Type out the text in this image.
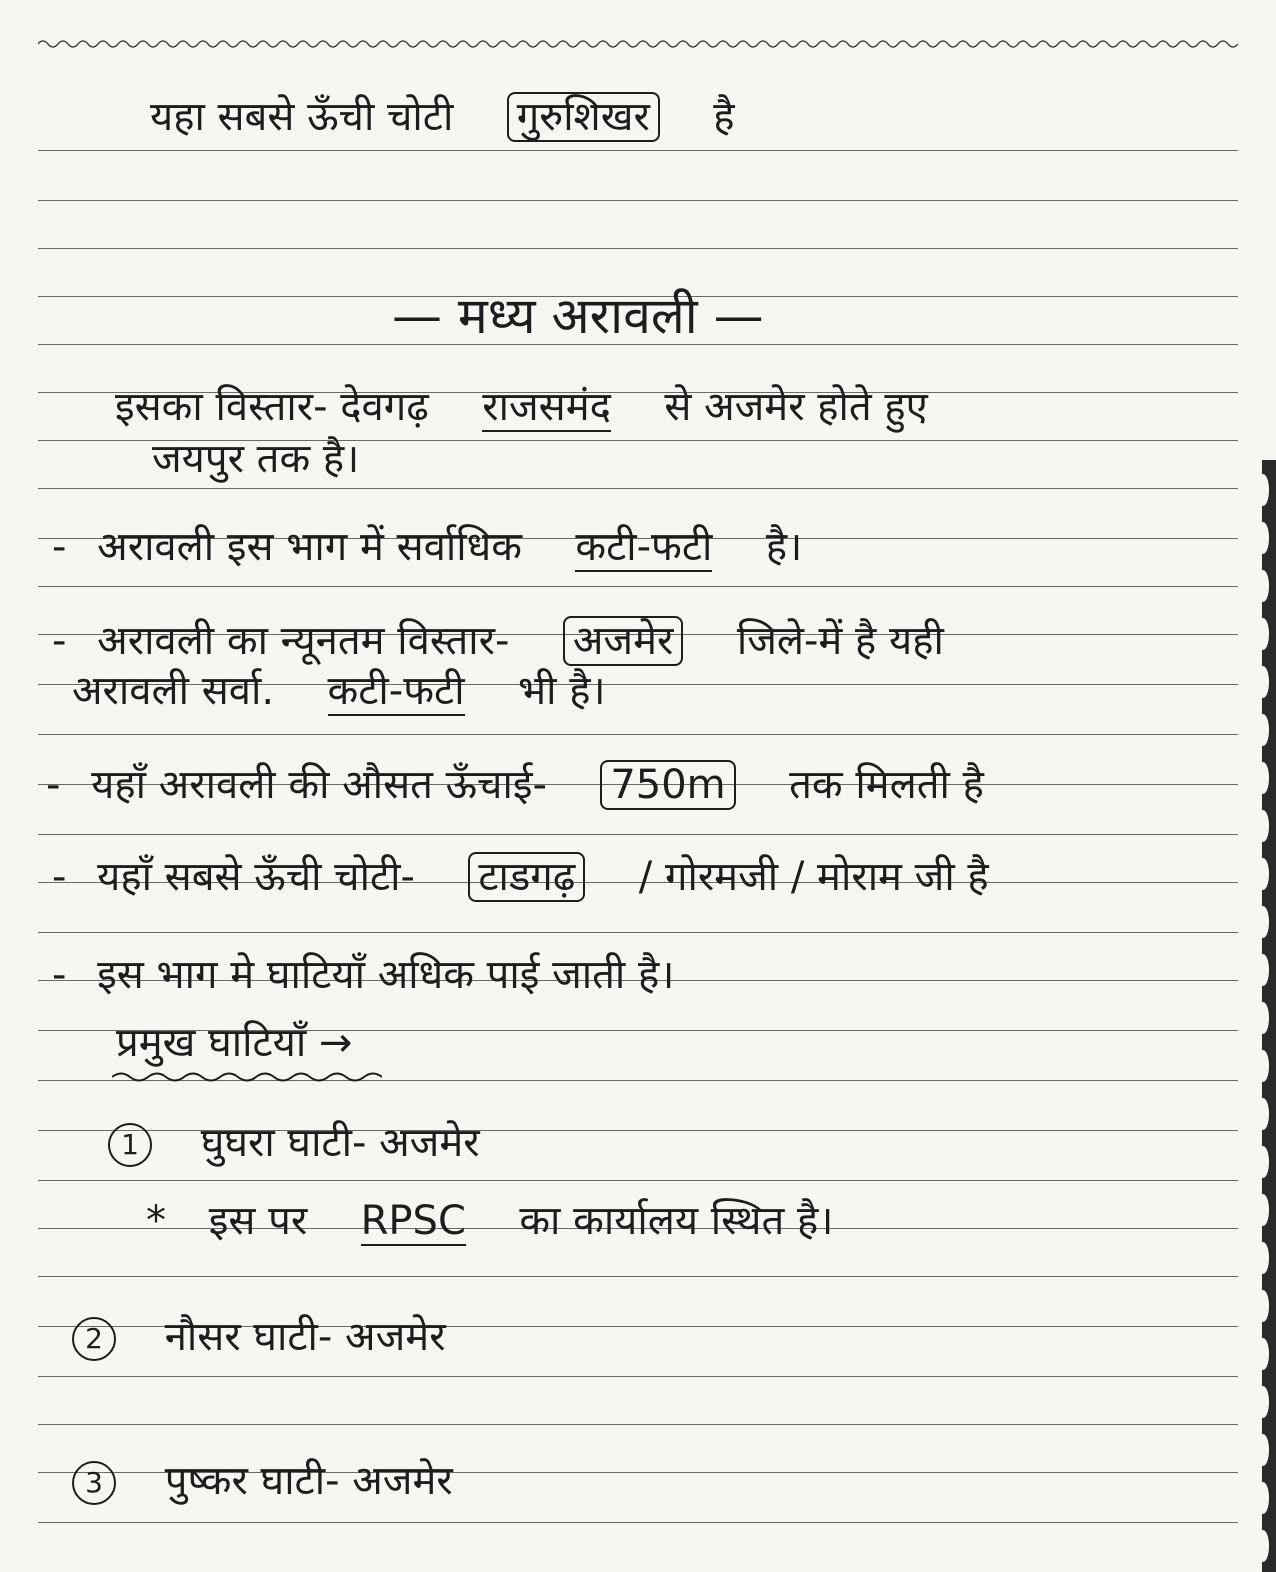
यहा सबसे ऊँची चोटी गुरुशिखर है
— मध्य अरावली —
इसका विस्तार- देवगढ़ राजसमंद से अजमेर होते हुए
जयपुर तक है।
- अरावली इस भाग में सर्वाधिक कटी-फटी है।
- अरावली का न्यूनतम विस्तार- अजमेर जिले-में है यही
अरावली सर्वा. कटी-फटी भी है।
- यहाँ अरावली की औसत ऊँचाई- 750m तक मिलती है
- यहाँ सबसे ऊँची चोटी- टाडगढ़ / गोरमजी / मोराम जी है
- इस भाग मे घाटियाँ अधिक पाई जाती है।
प्रमुख घाटियाँ →
1 घुघरा घाटी- अजमेर
* इस पर RPSC का कार्यालय स्थित है।
2 नौसर घाटी- अजमेर
3 पुष्कर घाटी- अजमेर
